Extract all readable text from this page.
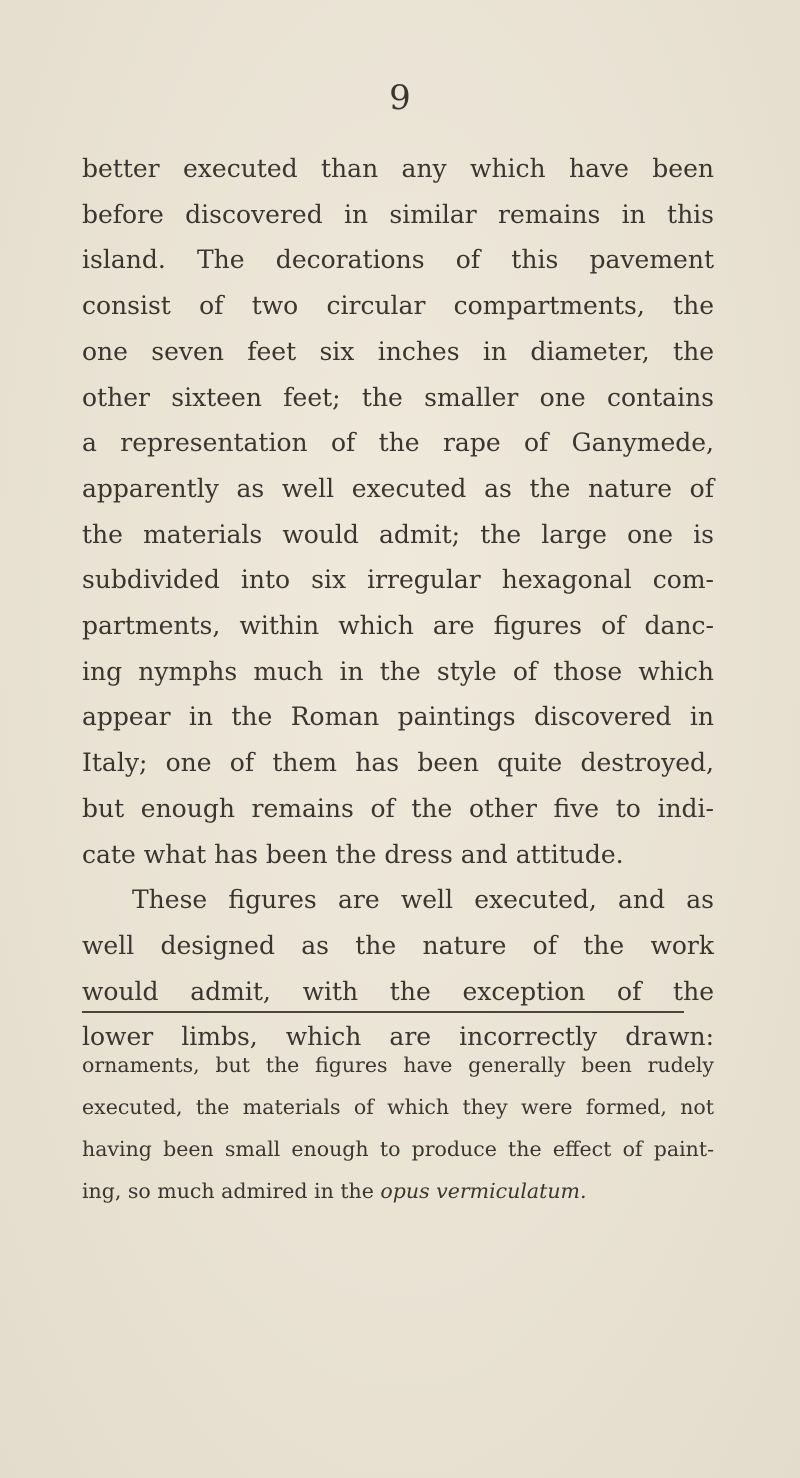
9
better executed than any which have been
before discovered in similar remains in this
island. The decorations of this pavement
consist of two circular compartments, the
one seven feet six inches in diameter, the
other sixteen feet; the smaller one contains
a representation of the rape of Ganymede,
apparently as well executed as the nature of
the materials would admit; the large one is
subdivided into six irregular hexagonal com-
partments, within which are figures of danc-
ing nymphs much in the style of those which
appear in the Roman paintings discovered in
Italy; one of them has been quite destroyed,
but enough remains of the other five to indi-
cate what has been the dress and attitude.
These figures are well executed, and as
well designed as the nature of the work
would admit, with the exception of the
lower limbs, which are incorrectly drawn:
ornaments, but the figures have generally been rudely
executed, the materials of which they were formed, not
having been small enough to produce the effect of paint-
ing, so much admired in the opus vermiculatum.
